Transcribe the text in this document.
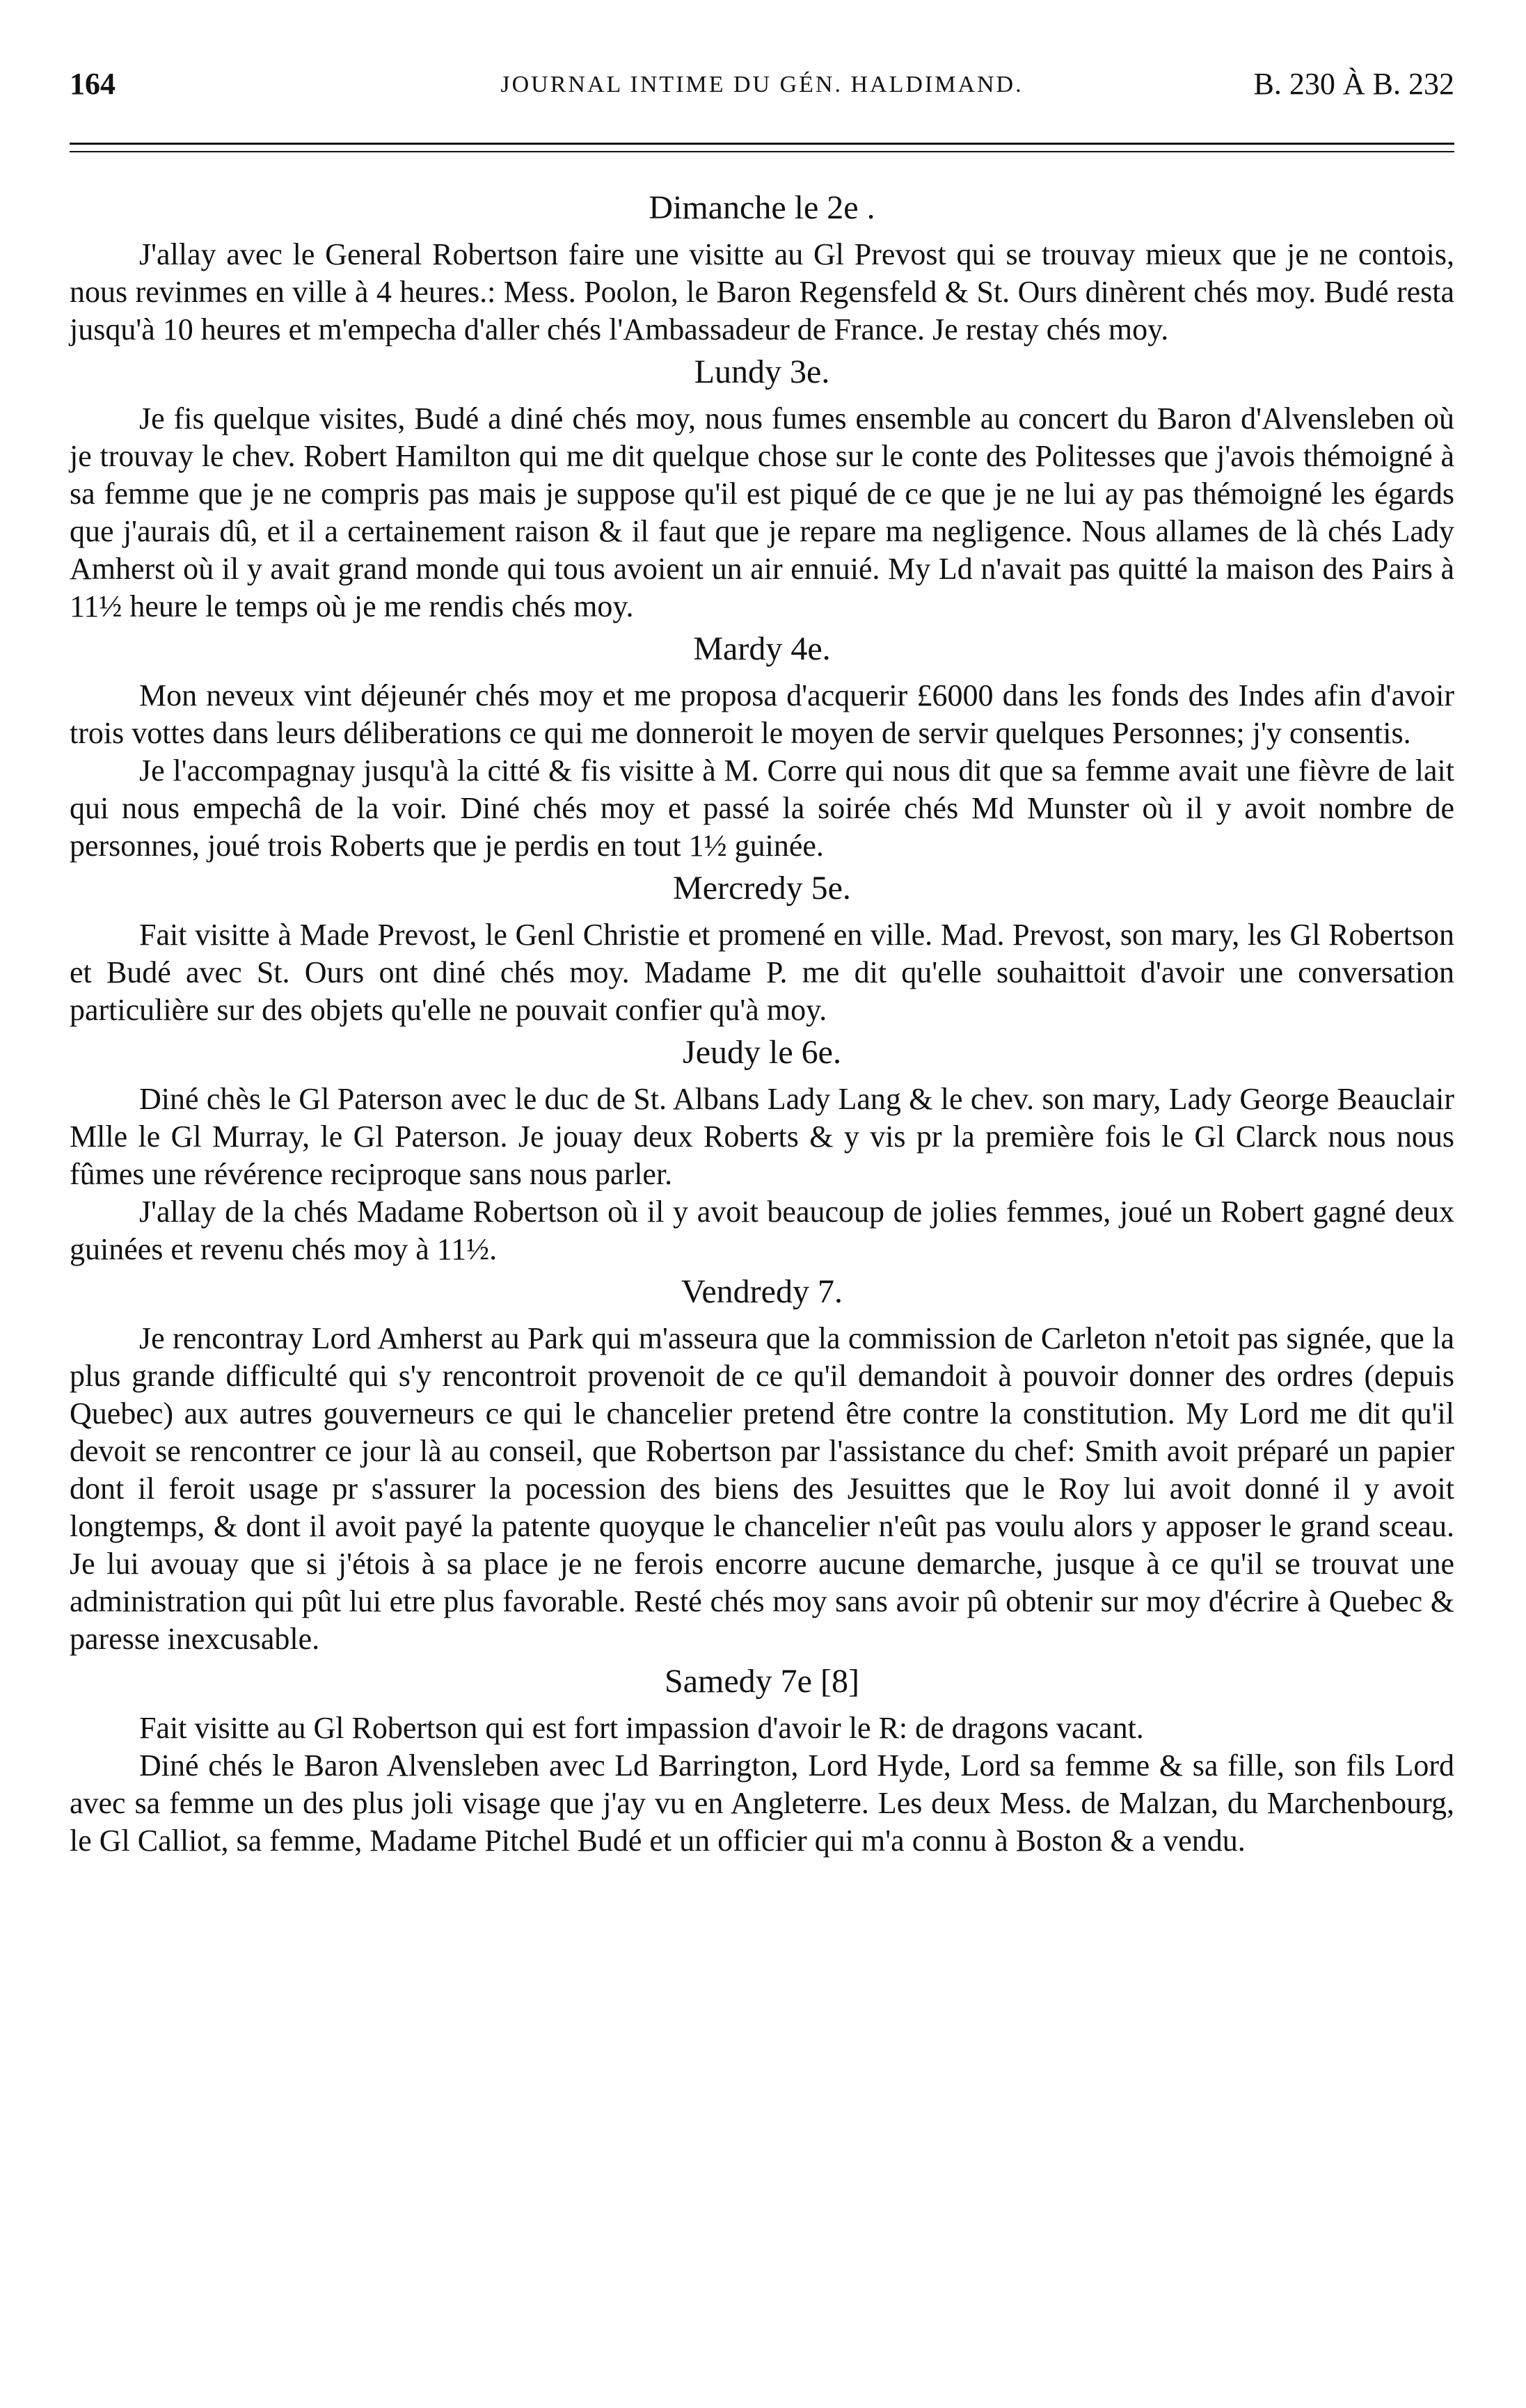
164	JOURNAL INTIME DU GÉN. HALDIMAND.	B. 230 À B. 232
Dimanche le 2e .

J'allay avec le General Robertson faire une visitte au Gl Prevost qui se trouvay mieux que je ne contois, nous revinmes en ville à 4 heures.: Mess. Poolon, le Baron Regensfeld & St. Ours dinèrent chés moy. Budé resta jusqu'à 10 heures et m'empecha d'aller chés l'Ambassadeur de France. Je restay chés moy.

Lundy 3e.

Je fis quelque visites, Budé a diné chés moy, nous fumes ensemble au concert du Baron d'Alvensleben où je trouvay le chev. Robert Hamilton qui me dit quelque chose sur le conte des Politesses que j'avois thémoigné à sa femme que je ne compris pas mais je suppose qu'il est piqué de ce que je ne lui ay pas thémoigné les égards que j'aurais dû, et il a certainement raison & il faut que je repare ma negligence. Nous allames de là chés Lady Amherst où il y avait grand monde qui tous avoient un air ennuié. My Ld n'avait pas quitté la maison des Pairs à 11½ heure le temps où je me rendis chés moy.

Mardy 4e.

Mon neveux vint déjeunér chés moy et me proposa d'acquerir £6000 dans les fonds des Indes afin d'avoir trois vottes dans leurs déliberations ce qui me donneroit le moyen de servir quelques Personnes; j'y consentis.

Je l'accompagnay jusqu'à la citté & fis visitte à M. Corre qui nous dit que sa femme avait une fièvre de lait qui nous empechâ de la voir. Diné chés moy et passé la soirée chés Md Munster où il y avoit nombre de personnes, joué trois Roberts que je perdis en tout 1½ guinée.

Mercredy 5e.

Fait visitte à Made Prevost, le Genl Christie et promené en ville. Mad. Prevost, son mary, les Gl Robertson et Budé avec St. Ours ont diné chés moy. Madame P. me dit qu'elle souhaittoit d'avoir une conversation particulière sur des objets qu'elle ne pouvait confier qu'à moy.

Jeudy le 6e.

Diné chès le Gl Paterson avec le duc de St. Albans Lady Lang & le chev. son mary, Lady George Beauclair Mlle le Gl Murray, le Gl Paterson. Je jouay deux Roberts & y vis pr la première fois le Gl Clarck nous nous fûmes une révérence reciproque sans nous parler.

J'allay de la chés Madame Robertson où il y avoit beaucoup de jolies femmes, joué un Robert gagné deux guinées et revenu chés moy à 11½.

Vendredy 7.

Je rencontray Lord Amherst au Park qui m'asseura que la commission de Carleton n'etoit pas signée, que la plus grande difficulté qui s'y rencontroit provenoit de ce qu'il demandoit à pouvoir donner des ordres (depuis Quebec) aux autres gouverneurs ce qui le chancelier pretend être contre la constitution. My Lord me dit qu'il devoit se rencontrer ce jour là au conseil, que Robertson par l'assistance du chef: Smith avoit préparé un papier dont il feroit usage pr s'assurer la pocession des biens des Jesuittes que le Roy lui avoit donné il y avoit longtemps, & dont il avoit payé la patente quoyque le chancelier n'eût pas voulu alors y apposer le grand sceau. Je lui avouay que si j'étois à sa place je ne ferois encorre aucune demarche, jusque à ce qu'il se trouvat une administration qui pût lui etre plus favorable. Resté chés moy sans avoir pû obtenir sur moy d'écrire à Quebec & paresse inexcusable.

Samedy 7e [8]

Fait visitte au Gl Robertson qui est fort impassion d'avoir le R: de dragons vacant.

Diné chés le Baron Alvensleben avec Ld Barrington, Lord Hyde, Lord sa femme & sa fille, son fils Lord avec sa femme un des plus joli visage que j'ay vu en Angleterre. Les deux Mess. de Malzan, du Marchenbourg, le Gl Calliot, sa femme, Madame Pitchel Budé et un officier qui m'a connu à Boston & a vendu.
